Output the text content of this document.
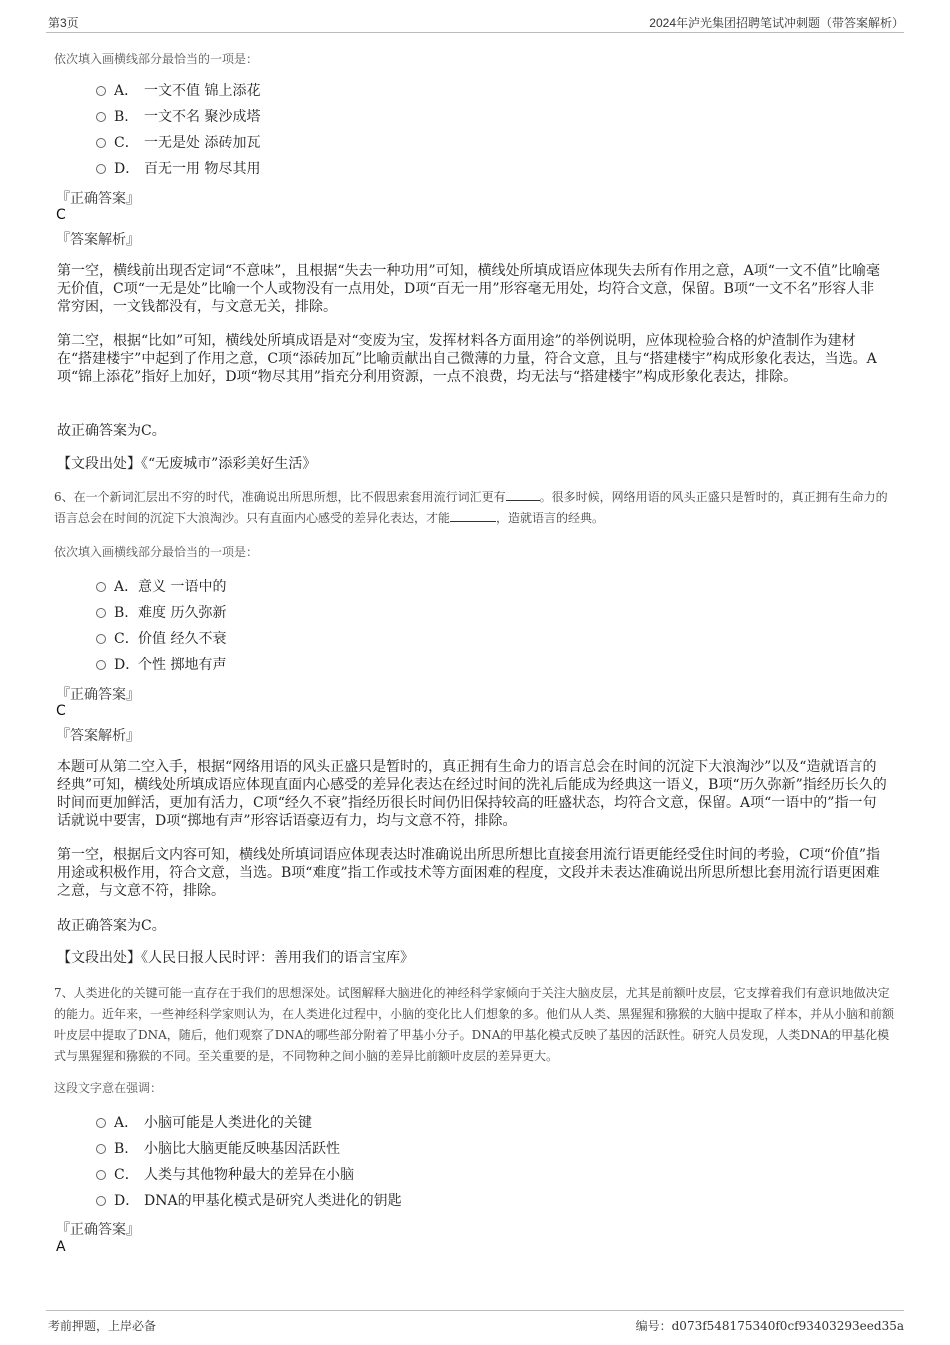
第3页	2024年泸光集团招聘笔试冲刺题（带答案解析）
依次填入画横线部分最恰当的一项是：
A． 一文不值 锦上添花
B. 一文不名 聚沙成塔
C． 一无是处 添砖加瓦
D． 百无一用 物尽其用
『正确答案』
C
『答案解析』
第一空，横线前出现否定词“不意味”，且根据“失去一种功用”可知，横线处所填成语应体现失去所有作用之意，A项“一文不值”比喻毫无价值，C项“一无是处”比喻一个人或物没有一点用处，D项“百无一用”形容毫无用处，均符合文意，保留。B项“一文不名”形容人非常穷困，一文钱都没有，与文意无关，排除。
第二空，根据“比如”可知，横线处所填成语是对“变废为宝，发挥材料各方面用途”的举例说明，应体现检验合格的炉渣制作为建材在“搭建楼宇”中起到了作用之意，C项“添砖加瓦”比喻贡献出自己微薄的力量，符合文意，且与“搭建楼宇”构成形象化表达，当选。A项“锦上添花”指好上加好，D项“物尽其用”指充分利用资源，一点不浪费，均无法与“搭建楼宇”构成形象化表达，排除。
故正确答案为C。
【文段出处】《“无废城市”添彩美好生活》
6、在一个新词汇层出不穷的时代，准确说出所思所想，比不假思索套用流行词汇更有	。很多时候，网络用语的风头正盛只是暂时的，真正拥有生命力的语言总会在时间的沉淀下大浪淘沙。只有直面内心感受的差异化表达，才能	，造就语言的经典。
依次填入画横线部分最恰当的一项是：
A．意义 一语中的
B. 难度 历久弥新
C．价值 经久不衰
D．个性 掷地有声
『正确答案』
C
『答案解析』
本题可从第二空入手，根据“网络用语的风头正盛只是暂时的，真正拥有生命力的语言总会在时间的沉淀下大浪淘沙”以及“造就语言的经典”可知，横线处所填成语应体现直面内心感受的差异化表达在经过时间的洗礼后能成为经典这一语义，B项“历久弥新”指经历长久的时间而更加鲜活，更加有活力，C项“经久不衰”指经历很长时间仍旧保持较高的旺盛状态，均符合文意，保留。A项“一语中的”指一句话就说中要害，D项“掷地有声”形容话语豪迈有力，均与文意不符，排除。
第一空，根据后文内容可知，横线处所填词语应体现表达时准确说出所思所想比直接套用流行语更能经受住时间的考验，C项“价值”指用途或积极作用，符合文意，当选。B项“难度”指工作或技术等方面困难的程度，文段并未表达准确说出所思所想比套用流行语更困难之意，与文意不符，排除。
故正确答案为C。
【文段出处】《人民日报人民时评：善用我们的语言宝库》
7、人类进化的关键可能一直存在于我们的思想深处。试图解释大脑进化的神经科学家倾向于关注大脑皮层，尤其是前额叶皮层，它支撑着我们有意识地做决定的能力。近年来，一些神经科学家则认为，在人类进化过程中，小脑的变化比人们想象的多。他们从人类、黑猩猩和猕猴的大脑中提取了样本，并从小脑和前额叶皮层中提取了DNA，随后，他们观察了DNA的哪些部分附着了甲基小分子。DNA的甲基化模式反映了基因的活跃性。研究人员发现，人类DNA的甲基化模式与黑猩猩和猕猴的不同。至关重要的是，不同物种之间小脑的差异比前额叶皮层的差异更大。
这段文字意在强调：
A． 小脑可能是人类进化的关键
B. 小脑比大脑更能反映基因活跃性
C． 人类与其他物种最大的差异在小脑
D． DNA的甲基化模式是研究人类进化的钥匙
『正确答案』
A
考前押题，上岸必备	编号：d073f548175340f0cf93403293eed35a
